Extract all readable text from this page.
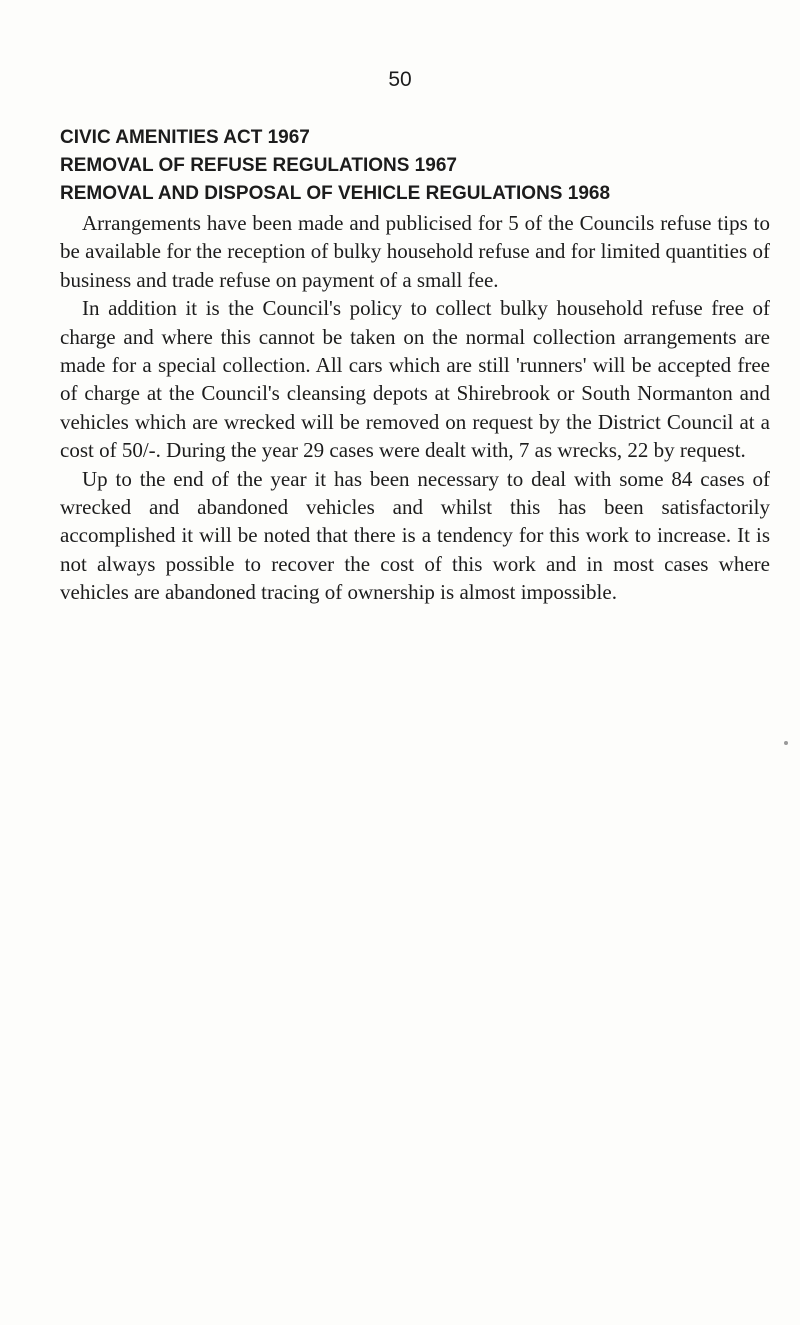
50
CIVIC AMENITIES ACT 1967
REMOVAL OF REFUSE REGULATIONS 1967
REMOVAL AND DISPOSAL OF VEHICLE REGULATIONS 1968

Arrangements have been made and publicised for 5 of the Councils refuse tips to be available for the reception of bulky household refuse and for limited quantities of business and trade refuse on payment of a small fee.

In addition it is the Council's policy to collect bulky household refuse free of charge and where this cannot be taken on the normal collection arrangements are made for a special collection. All cars which are still 'runners' will be accepted free of charge at the Council's cleansing depots at Shirebrook or South Normanton and vehicles which are wrecked will be removed on request by the District Council at a cost of 50/-. During the year 29 cases were dealt with, 7 as wrecks, 22 by request.

Up to the end of the year it has been necessary to deal with some 84 cases of wrecked and abandoned vehicles and whilst this has been satisfactorily accomplished it will be noted that there is a tendency for this work to increase. It is not always possible to recover the cost of this work and in most cases where vehicles are abandoned tracing of ownership is almost impossible.
